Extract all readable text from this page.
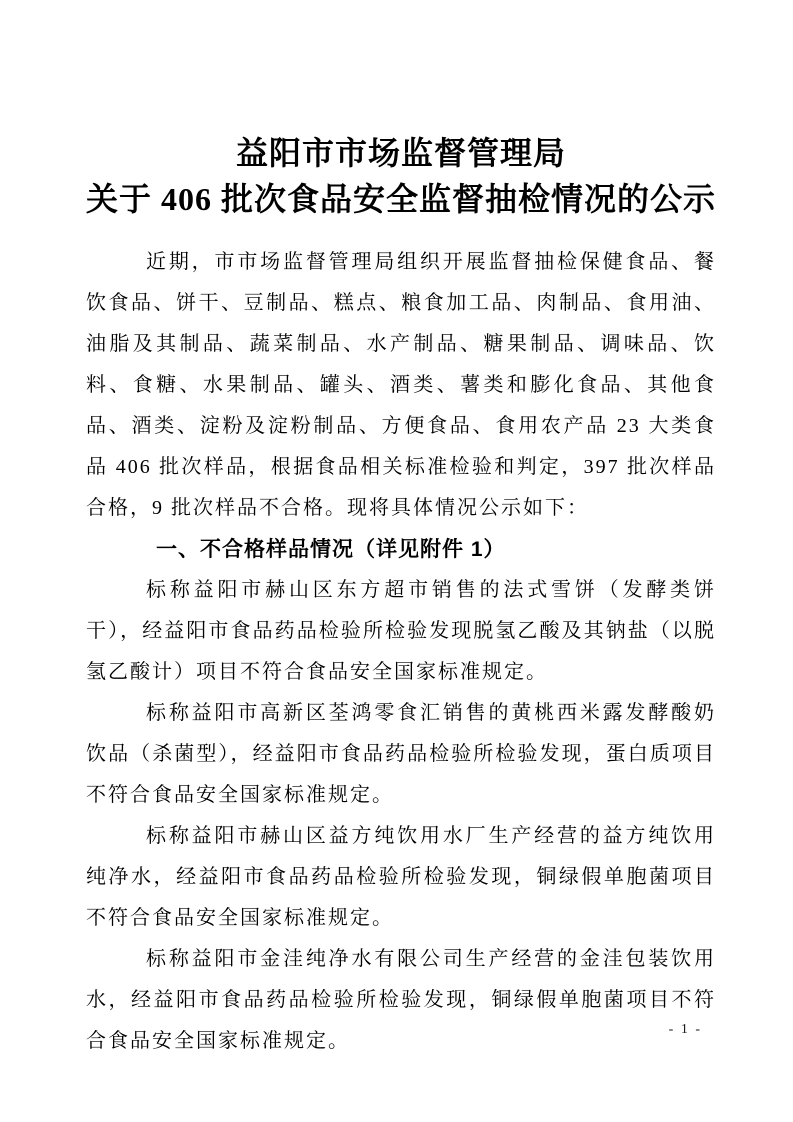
益阳市市场监督管理局
关于 406 批次食品安全监督抽检情况的公示

近期，市市场监督管理局组织开展监督抽检保健食品、餐饮食品、饼干、豆制品、糕点、粮食加工品、肉制品、食用油、油脂及其制品、蔬菜制品、水产制品、糖果制品、调味品、饮料、食糖、水果制品、罐头、酒类、薯类和膨化食品、其他食品、酒类、淀粉及淀粉制品、方便食品、食用农产品 23 大类食品 406 批次样品，根据食品相关标准检验和判定，397 批次样品合格，9 批次样品不合格。现将具体情况公示如下：

一、不合格样品情况（详见附件 1）

标称益阳市赫山区东方超市销售的法式雪饼（发酵类饼干），经益阳市食品药品检验所检验发现脱氢乙酸及其钠盐（以脱氢乙酸计）项目不符合食品安全国家标准规定。

标称益阳市高新区荃鸿零食汇销售的黄桃西米露发酵酸奶饮品（杀菌型），经益阳市食品药品检验所检验发现，蛋白质项目不符合食品安全国家标准规定。

标称益阳市赫山区益方纯饮用水厂生产经营的益方纯饮用纯净水，经益阳市食品药品检验所检验发现，铜绿假单胞菌项目不符合食品安全国家标准规定。

标称益阳市金洼纯净水有限公司生产经营的金洼包装饮用水，经益阳市食品药品检验所检验发现，铜绿假单胞菌项目不符合食品安全国家标准规定。

- 1 -
